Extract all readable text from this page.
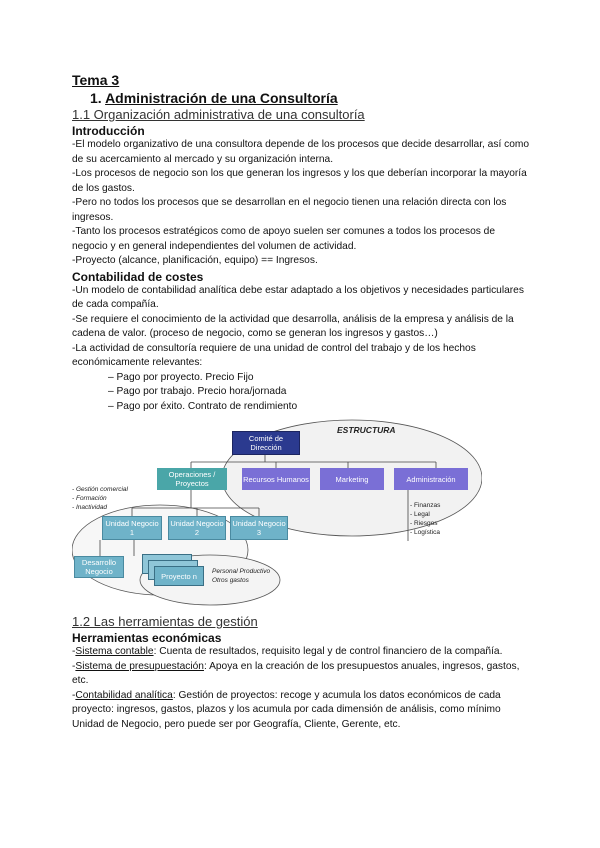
Tema 3

1. Administración de una Consultoría

1.1 Organización administrativa de una consultoría

Introducción

-El modelo organizativo de una consultora depende de los procesos que decide desarrollar, así como de su acercamiento al mercado y su organización interna.

-Los procesos de negocio son los que generan los ingresos y los que deberían incorporar la mayoría de los gastos.

-Pero no todos los procesos que se desarrollan en el negocio tienen una relación directa con los ingresos.

-Tanto los procesos estratégicos como de apoyo suelen ser comunes a todos los procesos de negocio y en general independientes del volumen de actividad.

-Proyecto (alcance, planificación, equipo) == Ingresos.

Contabilidad de costes

-Un modelo de contabilidad analítica debe estar adaptado a los objetivos y necesidades particulares de cada compañía.

-Se requiere el conocimiento de la actividad que desarrolla, análisis de la empresa y análisis de la cadena de valor. (proceso de negocio, como se generan los ingresos y gastos…)

-La actividad de consultoría requiere de una unidad de control del trabajo y de los hechos económicamente relevantes:

– Pago por proyecto. Precio Fijo

– Pago por trabajo. Precio hora/jornada

– Pago por éxito. Contrato de rendimiento

ESTRUCTURA
Comité de Dirección
Operaciones / Proyectos	Recursos Humanos	Marketing	Administración
Unidad Negocio 1
Unidad Negocio 2
Unidad Negocio 3
Desarrollo Negocio	Proyecto n
- Gestión comercial
- Formación
- Inactividad
Personal Productivo
Otros gastos
- Finanzas
- Legal
- Riesgos
- Logística

1.2 Las herramientas de gestión

Herramientas económicas

-Sistema contable: Cuenta de resultados, requisito legal y de control financiero de la compañía.

-Sistema de presupuestación: Apoya en la creación de los presupuestos anuales, ingresos, gastos, etc.

-Contabilidad analítica: Gestión de proyectos: recoge y acumula los datos económicos de cada proyecto: ingresos, gastos, plazos y los acumula por cada dimensión de análisis, como mínimo Unidad de Negocio, pero puede ser por Geografía, Cliente, Gerente, etc.
